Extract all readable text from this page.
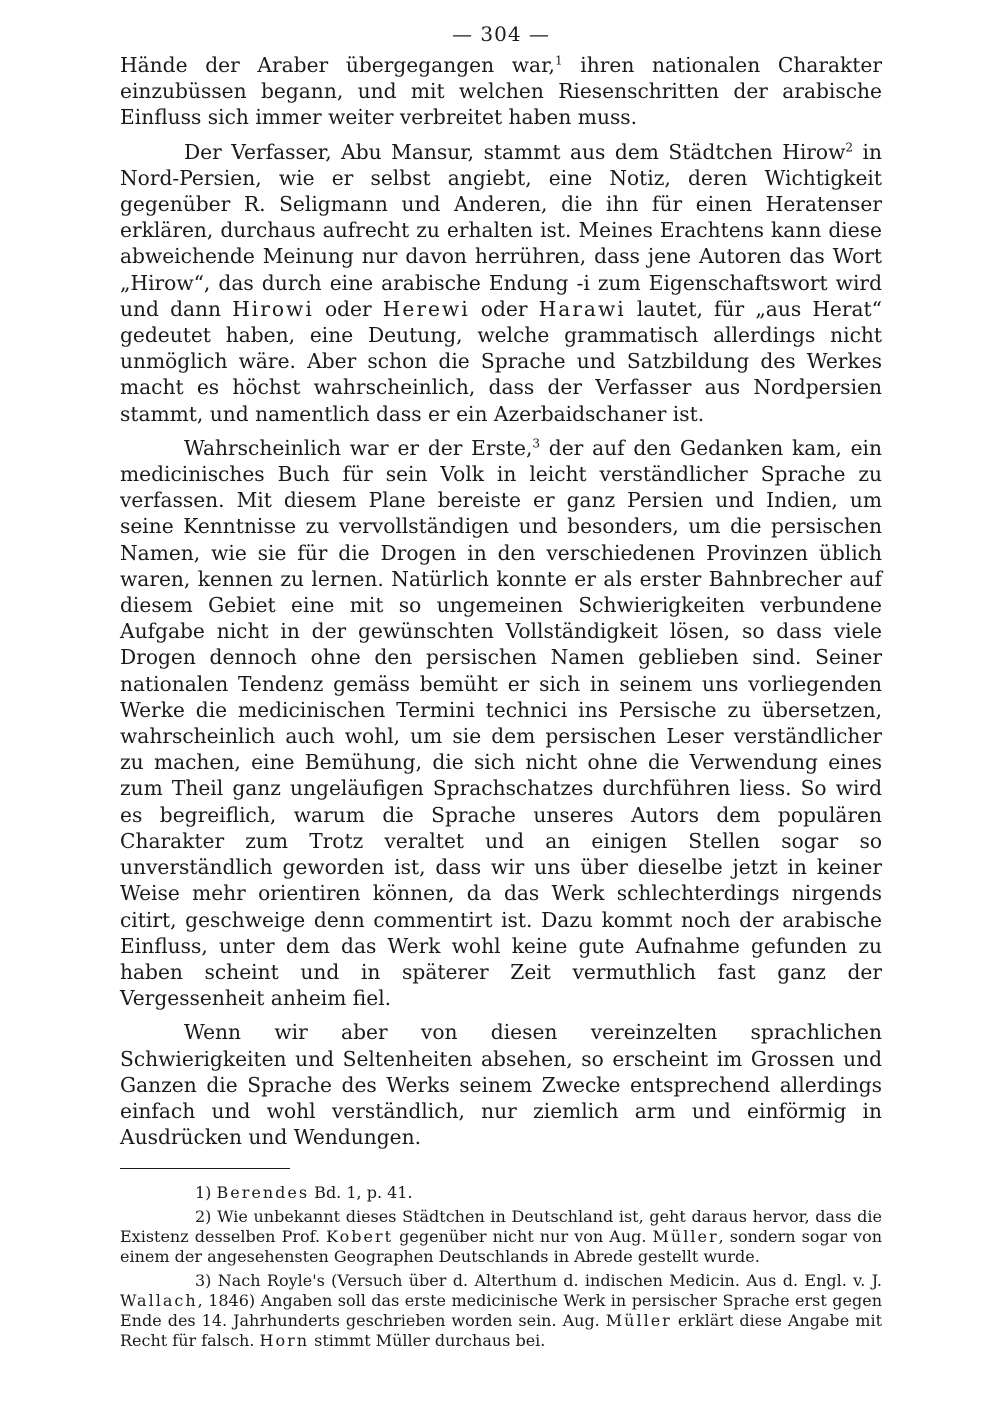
— 304 —

Hände der Araber übergegangen war,$^1$ ihren nationalen Charakter einzubüssen begann, und mit welchen Riesenschritten der arabische Einfluss sich immer weiter verbreitet haben muss.

Der Verfasser, Abu Mansur, stammt aus dem Städtchen Hirow$^2$ in Nord-Persien, wie er selbst angiebt, eine Notiz, deren Wichtigkeit gegenüber R. Seligmann und Anderen, die ihn für einen Heratenser erklären, durchaus aufrecht zu erhalten ist. Meines Erachtens kann diese abweichende Meinung nur davon herrühren, dass jene Autoren das Wort „Hirow“, das durch eine arabische Endung -i zum Eigenschaftswort wird und dann Hirowi oder Herewi oder Harawi lautet, für „aus Herat“ gedeutet haben, eine Deutung, welche grammatisch allerdings nicht unmöglich wäre. Aber schon die Sprache und Satzbildung des Werkes macht es höchst wahrscheinlich, dass der Verfasser aus Nordpersien stammt, und namentlich dass er ein Azerbaidschaner ist.

Wahrscheinlich war er der Erste,$^3$ der auf den Gedanken kam, ein medicinisches Buch für sein Volk in leicht verständlicher Sprache zu verfassen. Mit diesem Plane bereiste er ganz Persien und Indien, um seine Kenntnisse zu vervollständigen und besonders, um die persischen Namen, wie sie für die Drogen in den verschiedenen Provinzen üblich waren, kennen zu lernen. Natürlich konnte er als erster Bahnbrecher auf diesem Gebiet eine mit so ungemeinen Schwierigkeiten verbundene Aufgabe nicht in der gewünschten Vollständigkeit lösen, so dass viele Drogen dennoch ohne den persischen Namen geblieben sind. Seiner nationalen Tendenz gemäss bemüht er sich in seinem uns vorliegenden Werke die medicinischen Termini technici ins Persische zu übersetzen, wahrscheinlich auch wohl, um sie dem persischen Leser verständlicher zu machen, eine Bemühung, die sich nicht ohne die Verwendung eines zum Theil ganz ungeläufigen Sprachschatzes durchführen liess. So wird es begreiflich, warum die Sprache unseres Autors dem populären Charakter zum Trotz veraltet und an einigen Stellen sogar so unverständlich geworden ist, dass wir uns über dieselbe jetzt in keiner Weise mehr orientiren können, da das Werk schlechterdings nirgends citirt, geschweige denn commentirt ist. Dazu kommt noch der arabische Einfluss, unter dem das Werk wohl keine gute Aufnahme gefunden zu haben scheint und in späterer Zeit vermuthlich fast ganz der Vergessenheit anheim fiel.

Wenn wir aber von diesen vereinzelten sprachlichen Schwierigkeiten und Seltenheiten absehen, so erscheint im Grossen und Ganzen die Sprache des Werks seinem Zwecke entsprechend allerdings einfach und wohl verständlich, nur ziemlich arm und einförmig in Ausdrücken und Wendungen.

1) Berendes Bd. 1, p. 41.

2) Wie unbekannt dieses Städtchen in Deutschland ist, geht daraus hervor, dass die Existenz desselben Prof. Kobert gegenüber nicht nur von Aug. Müller, sondern sogar von einem der angesehensten Geographen Deutschlands in Abrede gestellt wurde.

3) Nach Royle's (Versuch über d. Alterthum d. indischen Medicin. Aus d. Engl. v. J. Wallach, 1846) Angaben soll das erste medicinische Werk in persischer Sprache erst gegen Ende des 14. Jahrhunderts geschrieben worden sein. Aug. Müller erklärt diese Angabe mit Recht für falsch. Horn stimmt Müller durchaus bei.
